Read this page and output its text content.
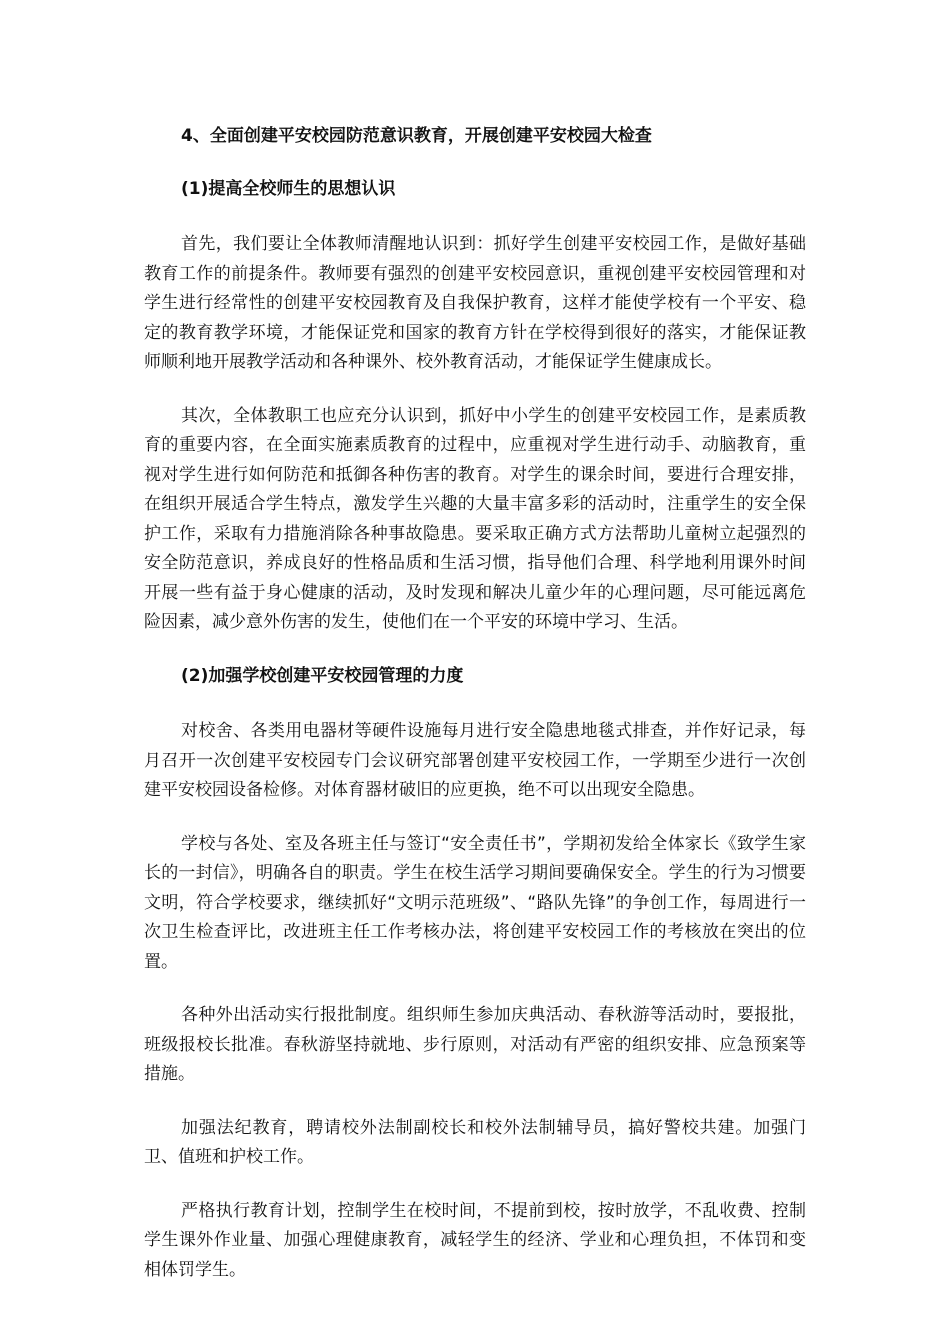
4、全面创建平安校园防范意识教育，开展创建平安校园大检查
(1)提高全校师生的思想认识

首先，我们要让全体教师清醒地认识到：抓好学生创建平安校园工作，是做好基础教育工作的前提条件。教师要有强烈的创建平安校园意识，重视创建平安校园管理和对学生进行经常性的创建平安校园教育及自我保护教育，这样才能使学校有一个平安、稳定的教育教学环境，才能保证党和国家的教育方针在学校得到很好的落实，才能保证教师顺利地开展教学活动和各种课外、校外教育活动，才能保证学生健康成长。

其次，全体教职工也应充分认识到，抓好中小学生的创建平安校园工作，是素质教育的重要内容，在全面实施素质教育的过程中，应重视对学生进行动手、动脑教育，重视对学生进行如何防范和抵御各种伤害的教育。对学生的课余时间，要进行合理安排，在组织开展适合学生特点，激发学生兴趣的大量丰富多彩的活动时，注重学生的安全保护工作，采取有力措施消除各种事故隐患。要采取正确方式方法帮助儿童树立起强烈的安全防范意识，养成良好的性格品质和生活习惯，指导他们合理、科学地利用课外时间开展一些有益于身心健康的活动，及时发现和解决儿童少年的心理问题，尽可能远离危险因素，减少意外伤害的发生，使他们在一个平安的环境中学习、生活。

(2)加强学校创建平安校园管理的力度

对校舍、各类用电器材等硬件设施每月进行安全隐患地毯式排查，并作好记录，每月召开一次创建平安校园专门会议研究部署创建平安校园工作，一学期至少进行一次创建平安校园设备检修。对体育器材破旧的应更换，绝不可以出现安全隐患。

学校与各处、室及各班主任与签订“安全责任书”，学期初发给全体家长《致学生家长的一封信》，明确各自的职责。学生在校生活学习期间要确保安全。学生的行为习惯要文明，符合学校要求，继续抓好“文明示范班级”、“路队先锋”的争创工作，每周进行一次卫生检查评比，改进班主任工作考核办法，将创建平安校园工作的考核放在突出的位置。

各种外出活动实行报批制度。组织师生参加庆典活动、春秋游等活动时，要报批，班级报校长批准。春秋游坚持就地、步行原则，对活动有严密的组织安排、应急预案等措施。

加强法纪教育，聘请校外法制副校长和校外法制辅导员，搞好警校共建。加强门卫、值班和护校工作。

严格执行教育计划，控制学生在校时间，不提前到校，按时放学，不乱收费、控制学生课外作业量、加强心理健康教育，减轻学生的经济、学业和心理负担，不体罚和变相体罚学生。
